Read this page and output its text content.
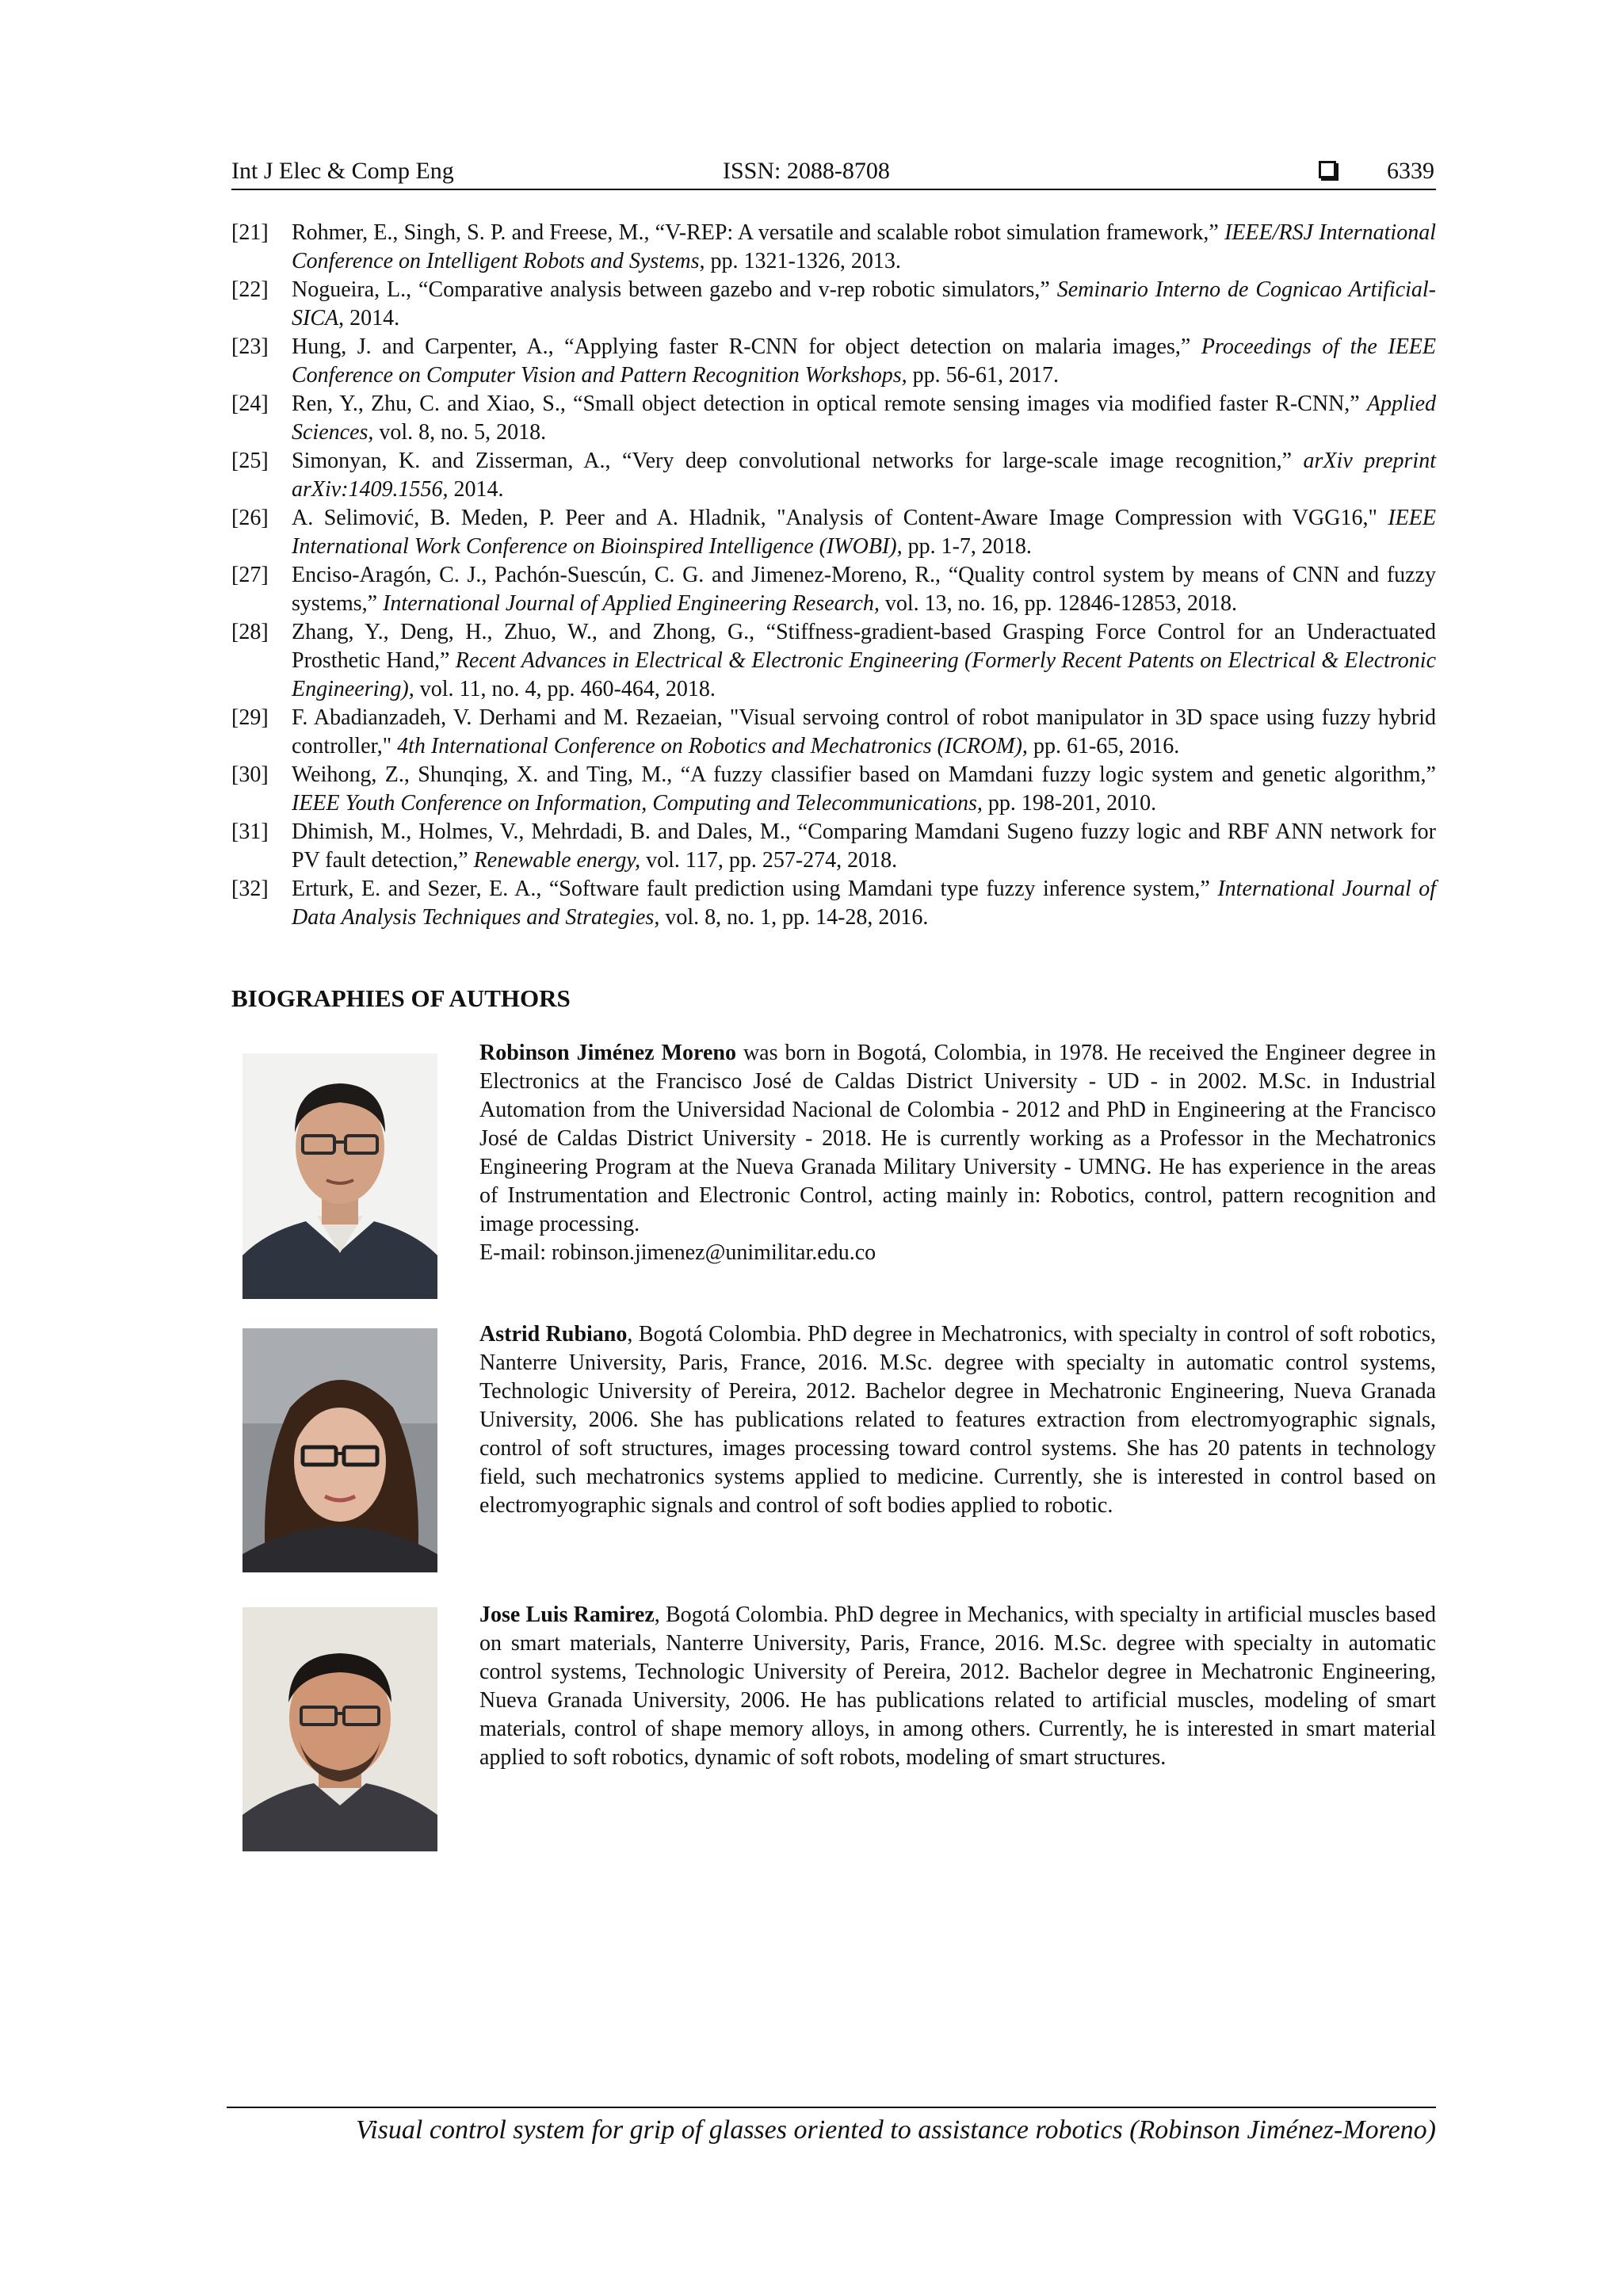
Int J Elec & Comp Eng	ISSN: 2088-8708	6339

[21] Rohmer, E., Singh, S. P. and Freese, M., “V-REP: A versatile and scalable robot simulation framework,” IEEE/RSJ International Conference on Intelligent Robots and Systems, pp. 1321-1326, 2013.

[22] Nogueira, L., “Comparative analysis between gazebo and v-rep robotic simulators,” Seminario Interno de Cognicao Artificial-SICA, 2014.

[23] Hung, J. and Carpenter, A., “Applying faster R-CNN for object detection on malaria images,” Proceedings of the IEEE Conference on Computer Vision and Pattern Recognition Workshops, pp. 56-61, 2017.

[24] Ren, Y., Zhu, C. and Xiao, S., “Small object detection in optical remote sensing images via modified faster R-CNN,” Applied Sciences, vol. 8, no. 5, 2018.

[25] Simonyan, K. and Zisserman, A., “Very deep convolutional networks for large-scale image recognition,” arXiv preprint arXiv:1409.1556, 2014.

[26] A. Selimović, B. Meden, P. Peer and A. Hladnik, "Analysis of Content-Aware Image Compression with VGG16," IEEE International Work Conference on Bioinspired Intelligence (IWOBI), pp. 1-7, 2018.

[27] Enciso-Aragón, C. J., Pachón-Suescún, C. G. and Jimenez-Moreno, R., “Quality control system by means of CNN and fuzzy systems,” International Journal of Applied Engineering Research, vol. 13, no. 16, pp. 12846-12853, 2018.

[28] Zhang, Y., Deng, H., Zhuo, W., and Zhong, G., “Stiffness-gradient-based Grasping Force Control for an Underactuated Prosthetic Hand,” Recent Advances in Electrical & Electronic Engineering (Formerly Recent Patents on Electrical & Electronic Engineering), vol. 11, no. 4, pp. 460-464, 2018.

[29] F. Abadianzadeh, V. Derhami and M. Rezaeian, "Visual servoing control of robot manipulator in 3D space using fuzzy hybrid controller," 4th International Conference on Robotics and Mechatronics (ICROM), pp. 61-65, 2016.

[30] Weihong, Z., Shunqing, X. and Ting, M., “A fuzzy classifier based on Mamdani fuzzy logic system and genetic algorithm,” IEEE Youth Conference on Information, Computing and Telecommunications, pp. 198-201, 2010.

[31] Dhimish, M., Holmes, V., Mehrdadi, B. and Dales, M., “Comparing Mamdani Sugeno fuzzy logic and RBF ANN network for PV fault detection,” Renewable energy, vol. 117, pp. 257-274, 2018.

[32] Erturk, E. and Sezer, E. A., “Software fault prediction using Mamdani type fuzzy inference system,” International Journal of Data Analysis Techniques and Strategies, vol. 8, no. 1, pp. 14-28, 2016.

BIOGRAPHIES OF AUTHORS

Robinson Jiménez Moreno was born in Bogotá, Colombia, in 1978. He received the Engineer degree in Electronics at the Francisco José de Caldas District University - UD - in 2002. M.Sc. in Industrial Automation from the Universidad Nacional de Colombia - 2012 and PhD in Engineering at the Francisco José de Caldas District University - 2018. He is currently working as a Professor in the Mechatronics Engineering Program at the Nueva Granada Military University - UMNG. He has experience in the areas of Instrumentation and Electronic Control, acting mainly in: Robotics, control, pattern recognition and image processing.
E-mail: robinson.jimenez@unimilitar.edu.co

Astrid Rubiano, Bogotá Colombia. PhD degree in Mechatronics, with specialty in control of soft robotics, Nanterre University, Paris, France, 2016. M.Sc. degree with specialty in automatic control systems, Technologic University of Pereira, 2012. Bachelor degree in Mechatronic Engineering, Nueva Granada University, 2006. She has publications related to features extraction from electromyographic signals, control of soft structures, images processing toward control systems. She has 20 patents in technology field, such mechatronics systems applied to medicine. Currently, she is interested in control based on electromyographic signals and control of soft bodies applied to robotic.

Jose Luis Ramirez, Bogotá Colombia. PhD degree in Mechanics, with specialty in artificial muscles based on smart materials, Nanterre University, Paris, France, 2016. M.Sc. degree with specialty in automatic control systems, Technologic University of Pereira, 2012. Bachelor degree in Mechatronic Engineering, Nueva Granada University, 2006. He has publications related to artificial muscles, modeling of smart materials, control of shape memory alloys, in among others. Currently, he is interested in smart material applied to soft robotics, dynamic of soft robots, modeling of smart structures.

Visual control system for grip of glasses oriented to assistance robotics (Robinson Jiménez-Moreno)
